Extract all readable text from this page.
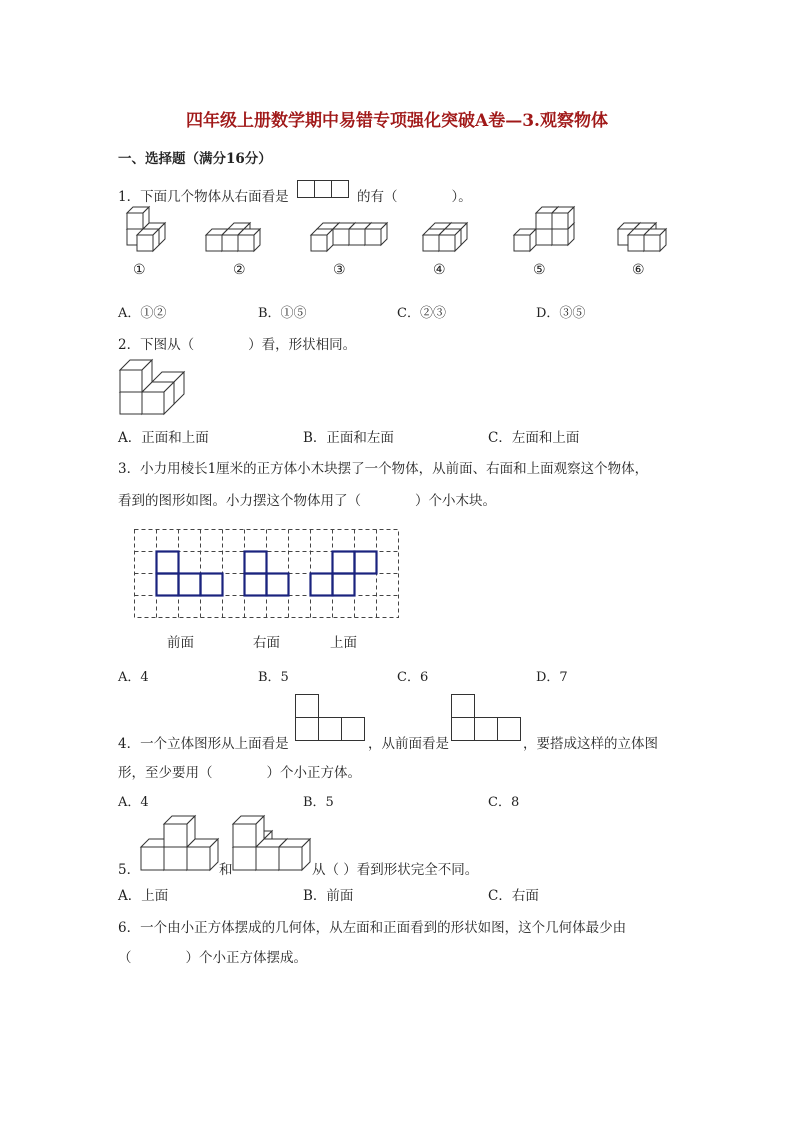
四年级上册数学期中易错专项强化突破A卷—3.观察物体
一、选择题（满分16分）
1．下面几个物体从右面看是	的有（　　　　）。
①	②	③	④	⑤	⑥
A．①②	B．①⑤	C．②③	D．③⑤
2．下图从（　　　　）看，形状相同。
A．正面和上面	B．正面和左面	C．左面和上面
3．小力用棱长1厘米的正方体小木块摆了一个物体，从前面、右面和上面观察这个物体，
看到的图形如图。小力摆这个物体用了（　　　　）个小木块。
前面	右面	上面
A．4	B．5	C．6	D．7
4．一个立体图形从上面看是	，从前面看是	，要搭成这样的立体图
形，至少要用（　　　　）个小正方体。
A．4	B．5	C．8
5．	和	从（ ）看到形状完全不同。
A．上面	B．前面	C．右面
6．一个由小正方体摆成的几何体，从左面和正面看到的形状如图，这个几何体最少由
（　　　　）个小正方体摆成。
